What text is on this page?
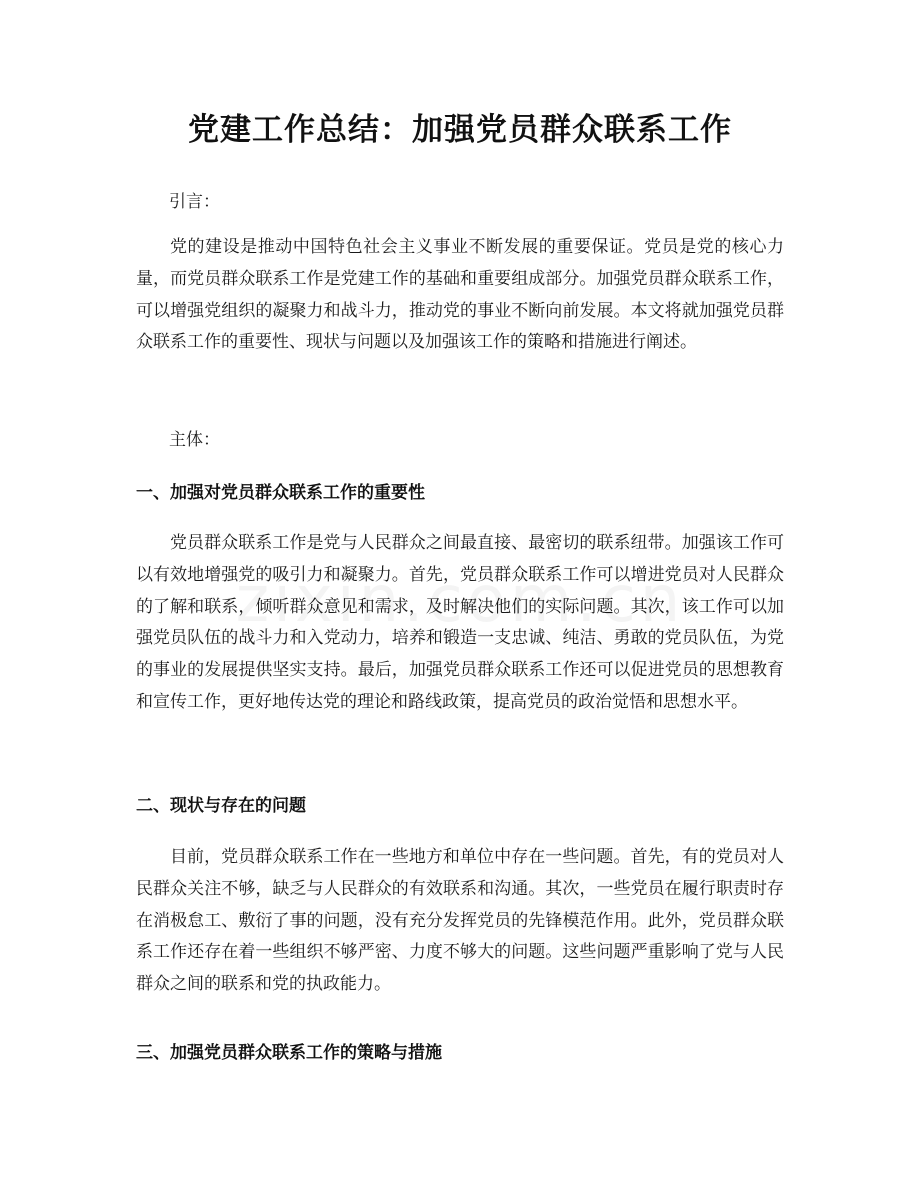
党建工作总结：加强党员群众联系工作
引言：
党的建设是推动中国特色社会主义事业不断发展的重要保证。党员是党的核心力量，而党员群众联系工作是党建工作的基础和重要组成部分。加强党员群众联系工作，可以增强党组织的凝聚力和战斗力，推动党的事业不断向前发展。本文将就加强党员群众联系工作的重要性、现状与问题以及加强该工作的策略和措施进行阐述。
主体：
一、加强对党员群众联系工作的重要性
党员群众联系工作是党与人民群众之间最直接、最密切的联系纽带。加强该工作可以有效地增强党的吸引力和凝聚力。首先，党员群众联系工作可以增进党员对人民群众的了解和联系，倾听群众意见和需求，及时解决他们的实际问题。其次，该工作可以加强党员队伍的战斗力和入党动力，培养和锻造一支忠诚、纯洁、勇敢的党员队伍，为党的事业的发展提供坚实支持。最后，加强党员群众联系工作还可以促进党员的思想教育和宣传工作，更好地传达党的理论和路线政策，提高党员的政治觉悟和思想水平。
二、现状与存在的问题
目前，党员群众联系工作在一些地方和单位中存在一些问题。首先，有的党员对人民群众关注不够，缺乏与人民群众的有效联系和沟通。其次，一些党员在履行职责时存在消极怠工、敷衍了事的问题，没有充分发挥党员的先锋模范作用。此外，党员群众联系工作还存在着一些组织不够严密、力度不够大的问题。这些问题严重影响了党与人民群众之间的联系和党的执政能力。
三、加强党员群众联系工作的策略与措施
